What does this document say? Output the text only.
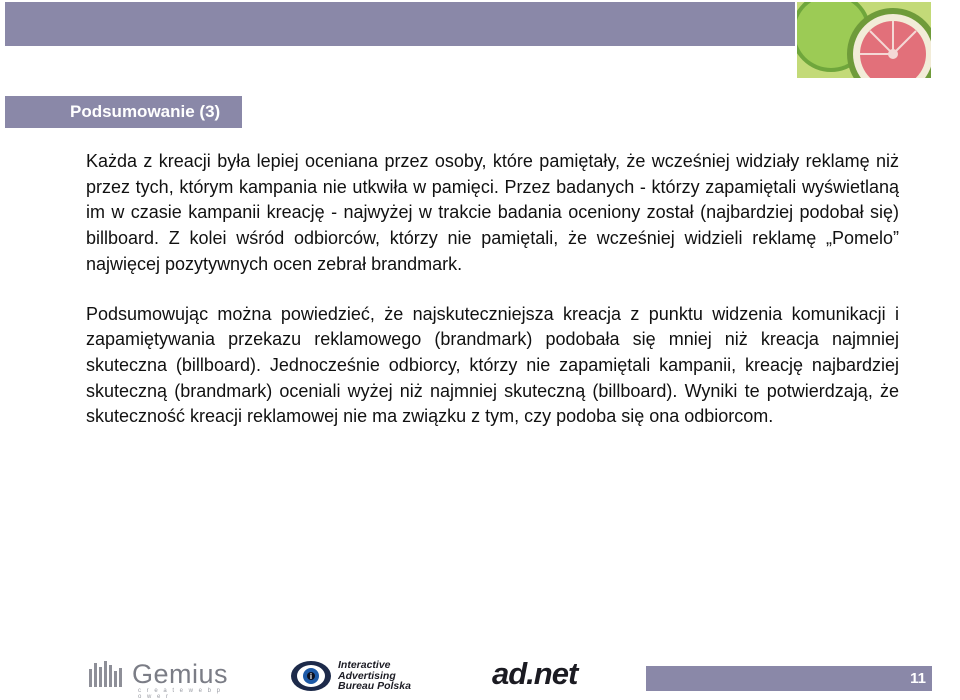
Podsumowanie (3)

Każda z kreacji była lepiej oceniana przez osoby, które pamiętały, że wcześniej widziały reklamę niż przez tych, którym kampania nie utkwiła w pamięci. Przez badanych - którzy zapamiętali wyświetlaną im w czasie kampanii kreację - najwyżej w trakcie badania oceniony został (najbardziej podobał się) billboard. Z kolei wśród odbiorców, którzy nie pamiętali, że wcześniej widzieli reklamę „Pomelo” najwięcej pozytywnych ocen zebrał brandmark.

Podsumowując można powiedzieć, że najskuteczniejsza kreacja z punktu widzenia komunikacji i zapamiętywania przekazu reklamowego (brandmark) podobała się mniej niż kreacja najmniej skuteczna (billboard). Jednocześnie odbiorcy, którzy nie zapamiętali kampanii, kreację najbardziej skuteczną (brandmark) oceniali wyżej niż najmniej skuteczną (billboard). Wyniki te potwierdzają, że skuteczność kreacji reklamowej nie ma związku z tym, czy podoba się ona odbiorcom.

Gemius
c r e a t e w e b p o w e r
i
Interactive
Advertising
Bureau Polska	ad.net	11
